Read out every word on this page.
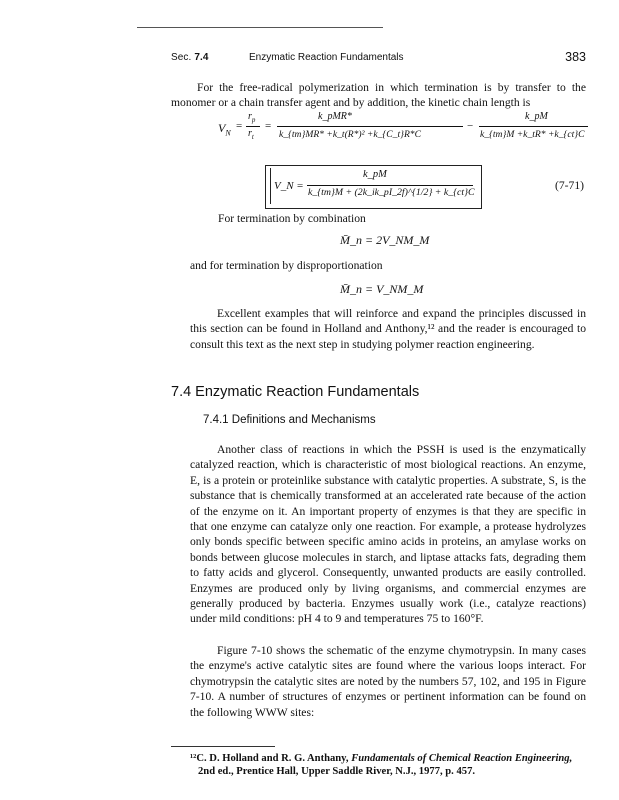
Sec. 7.4	Enzymatic Reaction Fundamentals	383
For the free-radical polymerization in which termination is by transfer to the monomer or a chain transfer agent and by addition, the kinetic chain length is
$V_N$
=
$r_p$
$r_t$
=
k_pMR*
k_{tm}MR* +k_t(R*)² +k_{C_t}R*C
−
k_pM
k_{tm}M +k_tR* +k_{ct}C
V_N =
k_pM
k_{tm}M + (2k_ik_pI_2f)^{1/2} + k_{ct}C
(7-71)
For termination by combination
M̄_n = 2V_NM_M
and for termination by disproportionation
M̄_n = V_NM_M
Excellent examples that will reinforce and expand the principles discussed in this section can be found in Holland and Anthony,¹² and the reader is encouraged to consult this text as the next step in studying polymer reaction engineering.
7.4 Enzymatic Reaction Fundamentals
7.4.1 Definitions and Mechanisms
Another class of reactions in which the PSSH is used is the enzymatically catalyzed reaction, which is characteristic of most biological reactions. An enzyme, E, is a protein or proteinlike substance with catalytic properties. A substrate, S, is the substance that is chemically transformed at an accelerated rate because of the action of the enzyme on it. An important property of enzymes is that they are specific in that one enzyme can catalyze only one reaction. For example, a protease hydrolyzes only bonds specific between specific amino acids in proteins, an amylase works on bonds between glucose molecules in starch, and liptase attacks fats, degrading them to fatty acids and glycerol. Consequently, unwanted products are easily controlled. Enzymes are produced only by living organisms, and commercial enzymes are generally produced by bacteria. Enzymes usually work (i.e., catalyze reactions) under mild conditions: pH 4 to 9 and temperatures 75 to 160°F.
Figure 7-10 shows the schematic of the enzyme chymotrypsin. In many cases the enzyme's active catalytic sites are found where the various loops interact. For chymotrypsin the catalytic sites are noted by the numbers 57, 102, and 195 in Figure 7-10. A number of structures of enzymes or pertinent information can be found on the following WWW sites:
¹²C. D. Holland and R. G. Anthany, Fundamentals of Chemical Reaction Engineering,
2nd ed., Prentice Hall, Upper Saddle River, N.J., 1977, p. 457.
